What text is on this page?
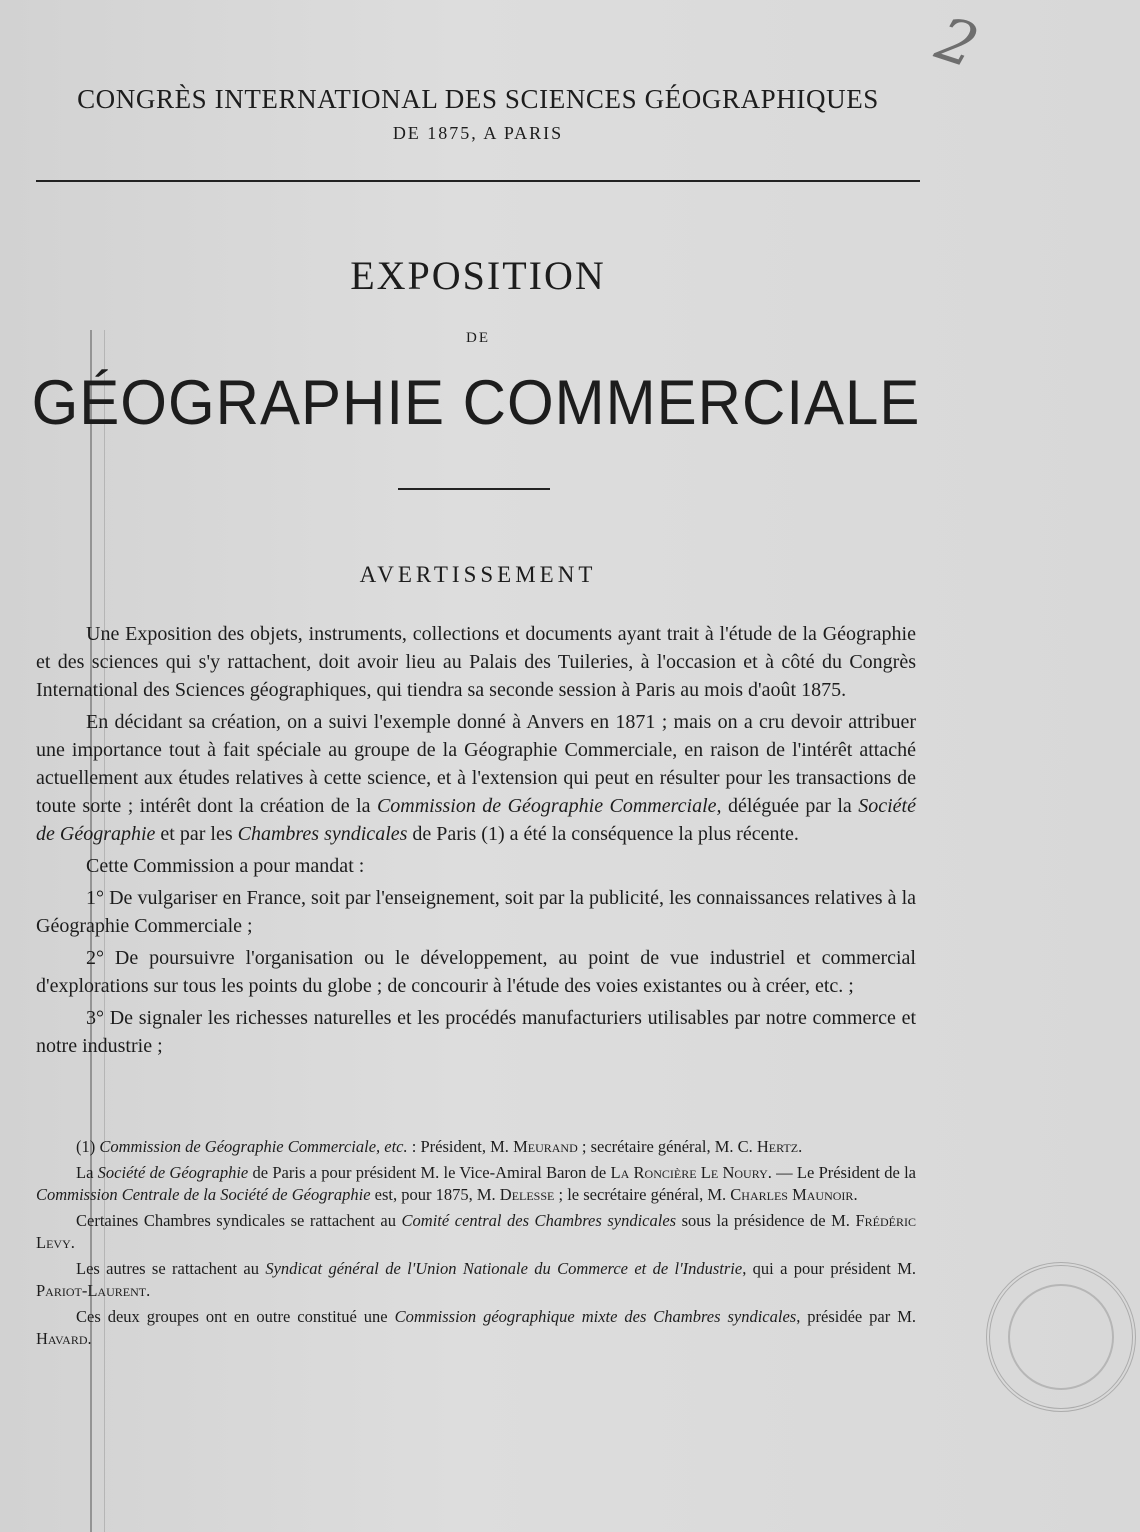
2
CONGRÈS INTERNATIONAL DES SCIENCES GÉOGRAPHIQUES
DE 1875, A PARIS
EXPOSITION
DE
GÉOGRAPHIE COMMERCIALE
AVERTISSEMENT

Une Exposition des objets, instruments, collections et documents ayant trait à l'étude de la Géographie et des sciences qui s'y rattachent, doit avoir lieu au Palais des Tuileries, à l'occasion et à côté du Congrès International des Sciences géographiques, qui tiendra sa seconde session à Paris au mois d'août 1875.

En décidant sa création, on a suivi l'exemple donné à Anvers en 1871 ; mais on a cru devoir attribuer une importance tout à fait spéciale au groupe de la Géographie Commerciale, en raison de l'intérêt attaché actuellement aux études relatives à cette science, et à l'extension qui peut en résulter pour les transactions de toute sorte ; intérêt dont la création de la Commission de Géographie Commerciale, déléguée par la Société de Géographie et par les Chambres syndicales de Paris (1) a été la conséquence la plus récente.

Cette Commission a pour mandat :

1° De vulgariser en France, soit par l'enseignement, soit par la publicité, les connaissances relatives à la Géographie Commerciale ;

2° De poursuivre l'organisation ou le développement, au point de vue industriel et commercial d'explorations sur tous les points du globe ; de concourir à l'étude des voies existantes ou à créer, etc. ;

3° De signaler les richesses naturelles et les procédés manufacturiers utilisables par notre commerce et notre industrie ;

(1) Commission de Géographie Commerciale, etc. : Président, M. Meurand ; secrétaire général, M. C. Hertz.

La Société de Géographie de Paris a pour président M. le Vice-Amiral Baron de La Roncière Le Noury. — Le Président de la Commission Centrale de la Société de Géographie est, pour 1875, M. Delesse ; le secrétaire général, M. Charles Maunoir.

Certaines Chambres syndicales se rattachent au Comité central des Chambres syndicales sous la présidence de M. Frédéric Levy.

Les autres se rattachent au Syndicat général de l'Union Nationale du Commerce et de l'Industrie, qui a pour président M. Pariot-Laurent.

Ces deux groupes ont en outre constitué une Commission géographique mixte des Chambres syndicales, présidée par M. Havard.
